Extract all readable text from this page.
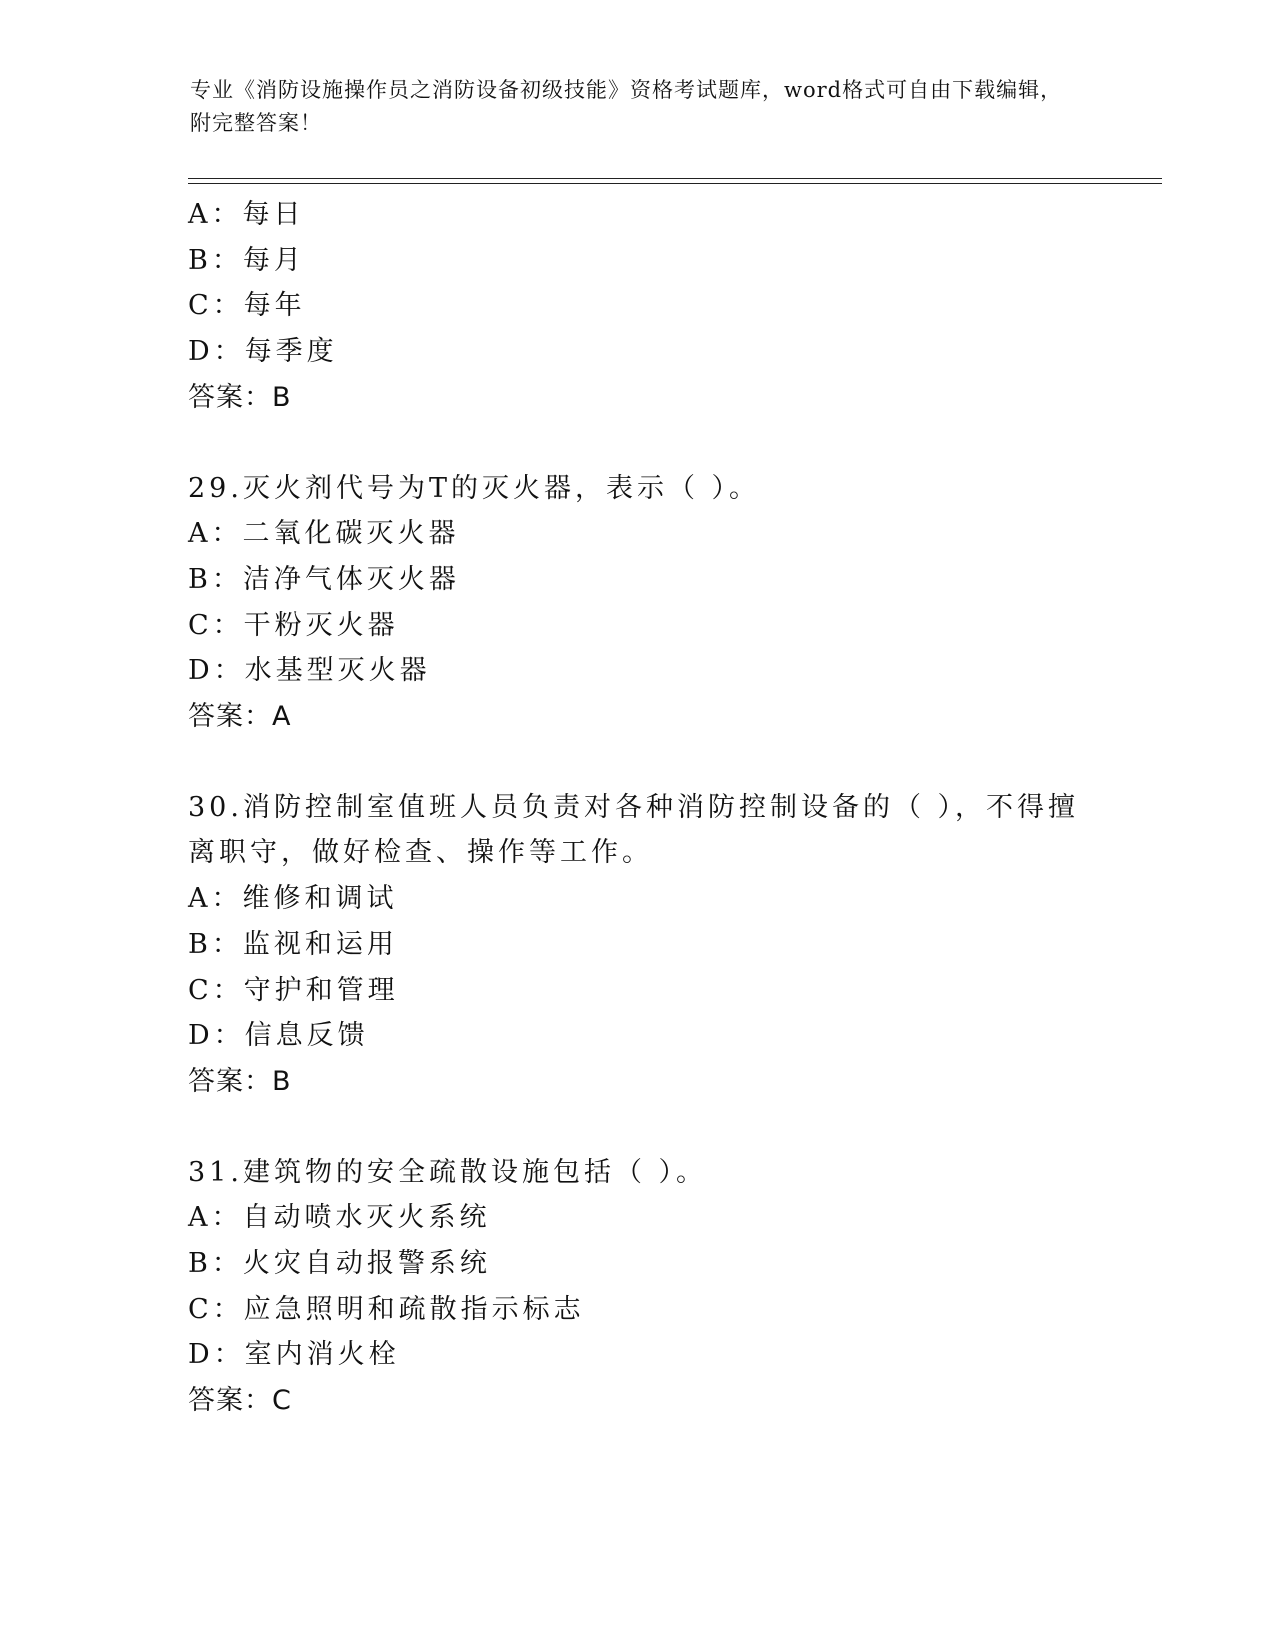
专业《消防设施操作员之消防设备初级技能》资格考试题库，word格式可自由下载编辑，附完整答案！
A：每日
B：每月
C：每年
D：每季度
答案：B
29.灭火剂代号为T的灭火器，表示（ ）。
A：二氧化碳灭火器
B：洁净气体灭火器
C：干粉灭火器
D：水基型灭火器
答案：A
30.消防控制室值班人员负责对各种消防控制设备的（ ），不得擅离职守，做好检查、操作等工作。
A：维修和调试
B：监视和运用
C：守护和管理
D：信息反馈
答案：B
31.建筑物的安全疏散设施包括（ ）。
A：自动喷水灭火系统
B：火灾自动报警系统
C：应急照明和疏散指示标志
D：室内消火栓
答案：C
